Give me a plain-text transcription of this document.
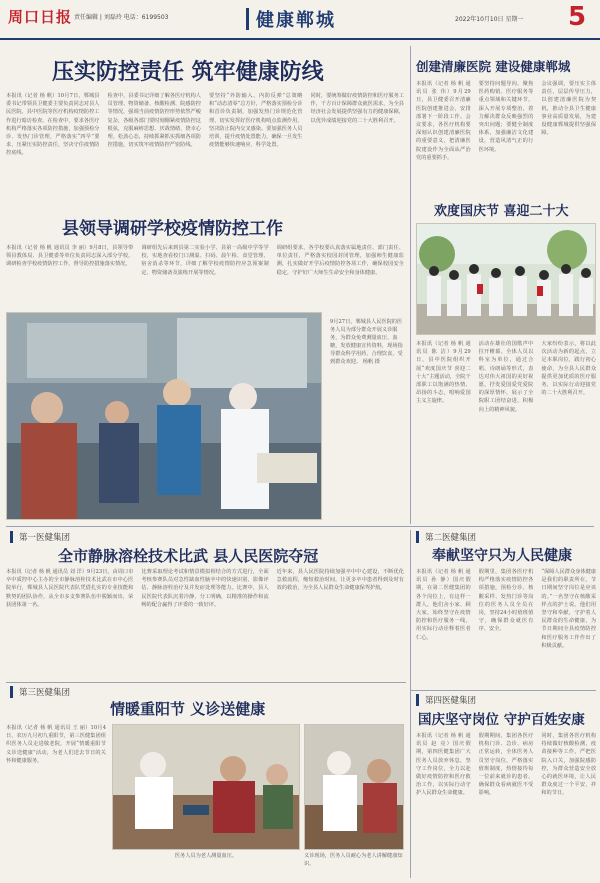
周口日报 责任编辑 | 刘磊玲 电话：6199503	健康郸城	2022年10月10日 星期一	5
压实防控责任 筑牢健康防线
本报讯（记者 杨 帆）10月7日，郸城县委书记带领县卫健委主要负责同志对县人民医院、县中医院等医疗机构疫情防控工作进行暗访检查。在检查中，要求各医疗机构严格落实各项防控措施，加强预检分诊、发热门诊管理，严格落实“四早”要求，压紧压实防控责任，坚决守住疫情防控底线。
检查中，县委书记详细了解各医疗机构人员管理、物资储备、核酸检测、院感防控等情况，强调当前疫情防控形势依然严峻复杂，各级各部门要时刻绷紧疫情防控这根弦，克服麻痹思想、厌战情绪、侥幸心理、松劲心态，持续抓紧抓实抓细各项防控措施，切实筑牢疫情防控严密防线。
要坚持“外防输入、内防反弹”总策略和“动态清零”总方针，严格落实预检分诊和首诊负责制，加强发热门诊规范化管理，切实发挥好医疗机构哨点监测作用，坚决防止院内交叉感染。要加强医务人员培训，提升疫情处置能力，确保一旦发生疫情能够快速响应、科学处置。
同时，要统筹做好疫情防控和医疗服务工作，千方百计保障群众就医需求，为全县经济社会发展提供坚强有力的健康保障，以优异成绩迎接党的二十大胜利召开。
县领导调研学校疫情防控工作
本报讯（记者 杨 帆 通讯员 李 丽）9月8日，县领导带领县教体局、县卫健委等单位负责同志深入部分学校，调研检查学校疫情防控工作，督导防控措施落实情况。
调研组先后来到县第二实验小学、县第一高级中学等学校，实地查看校门口测温、扫码、晨午检、食堂管理、宿舍消杀等环节，详细了解学校疫情防控应急预案制定、物资储备及演练开展等情况。
调研组要求，各学校要认真落实属地责任、部门责任、单位责任，严格落实校园封闭管理，加强师生健康监测，扎实做好开学后疫情防控各项工作，确保校园安全稳定，守护好广大师生生命安全和身体健康。
9月27日，郸城县人民医院的医务人员为部分群众开展义诊服务，为群众免费测量血压、血糖，发放健康宣传资料，现场指导群众科学用药、合理饮食，受到群众欢迎。 杨帆 摄
创建清廉医院 建设健康郸城
本报讯（记者 杨 帆 通讯员 张 伟）9月29日，县卫健委召开清廉医院创建推进会，安排部署下一阶段工作。会议要求，各医疗机构要深刻认识创建清廉医院的重要意义，把清廉医院建设作为全面从严治党的重要抓手。
要坚持问题导向，聚焦医药购销、医疗服务等重点领域和关键环节，深入开展专项整治，着力解决群众反映强烈的突出问题；要健全制度体系，加强廉洁文化建设，营造风清气正的行医环境。
会议强调，要压实主体责任，层层传导压力，以创建清廉医院为契机，推动全县卫生健康事业高质量发展，为建设健康郸城提供坚强保障。
欢度国庆节 喜迎二十大
本报讯（记者 杨 帆 通讯员 陈 洁）9月29日，县中医院组织开展“欢度国庆节 喜迎二十大”主题活动，全院干部职工以饱满的热情、昂扬的斗志，唱响爱国主义主旋律。
活动在雄壮的国歌声中拉开帷幕。全体人员以科室为单位，通过合唱、诗朗诵等形式，表达对伟大祖国的美好祝愿，抒发爱国爱党爱院的深厚情怀，展示了全院职工团结奋进、积极向上的精神风貌。
大家纷纷表示，将以此次活动为新的起点，立足本职岗位，践行初心使命，为全县人民群众提供更加优质的医疗服务，以实际行动迎接党的二十大胜利召开。
第一医健集团
全市静脉溶栓技术比武 县人民医院夺冠
本报讯（记者 杨 帆 通讯员 刘 洋）9月23日，由周口市卒中质控中心主办的全市静脉溶栓技术比武在市中心医院举行，郸城县人民医院代表队凭借扎实的专业技能和默契的团队协作，从全市多支参赛队伍中脱颖而出，荣获团体第一名。
比赛采取理论考试和情景模拟相结合的方式进行，全面考核参赛队员对急性缺血性脑卒中的快速识别、影像评估、静脉溶栓治疗及并发症处理等能力。比赛中，县人民医院代表队沉着冷静，分工明确，以精准的操作和流畅的配合赢得了评委的一致好评。
近年来，县人民医院持续加强卒中中心建设，不断优化急救流程，缩短救治时间，让更多卒中患者得到及时有效的救治，为全县人民群众生命健康保驾护航。
第二医健集团
奉献坚守只为人民健康
本报讯（记者 杨 帆 通讯员 孙 静）国庆假期，在第二医健集团的各个岗位上，有这样一群人，他们舍小家、顾大家，始终坚守在疫情防控和医疗服务一线，用实际行动诠释着医者仁心。
假期里，集团各医疗机构严格落实疫情防控各项措施，预检分诊、核酸采样、发热门诊等岗位的医务人员全员在岗，坚持24小时值班值守，确保群众就医有序、安全。
“保障人民群众身体健康是我们的职责所在，节日期间坚守岗位是应该的。”一名坚守在核酸采样点的护士说。他们用坚守和奉献，守护着人民群众的生命健康，为节日期间全县疫情防控和医疗服务工作作出了积极贡献。
第三医健集团
情暖重阳节 义诊送健康
本报讯（记者 杨 帆 通讯员 王 丽）10月4日，农历九月初九重阳节，第三医健集团组织医务人员走进敬老院，开展“情暖重阳节 义诊送健康”活动，为老人们送去节日的关怀和健康服务。
医务人员为老人测量血压。	义诊现场，医务人员耐心为老人讲解健康知识。
第四医健集团
国庆坚守岗位 守护百姓安康
本报讯（记者 杨 帆 通讯员 赵 亮）国庆假期，第四医健集团广大医务人员放弃休息，坚守工作岗位，全力以赴做好疫情防控和医疗救治工作，以实际行动守护人民群众生命健康。
假期期间，集团各医疗机构门诊、急诊、病房正常运转，全体医务人员坚守岗位，严格落实值班制度，热情接待每一位前来就诊的患者，确保群众看病就医不受影响。
同时，集团各医疗机构持续做好核酸检测、疫苗接种等工作，严把医院入口关，加强院感防控，为群众营造安全放心的就医环境，让人民群众度过一个平安、祥和的节日。
